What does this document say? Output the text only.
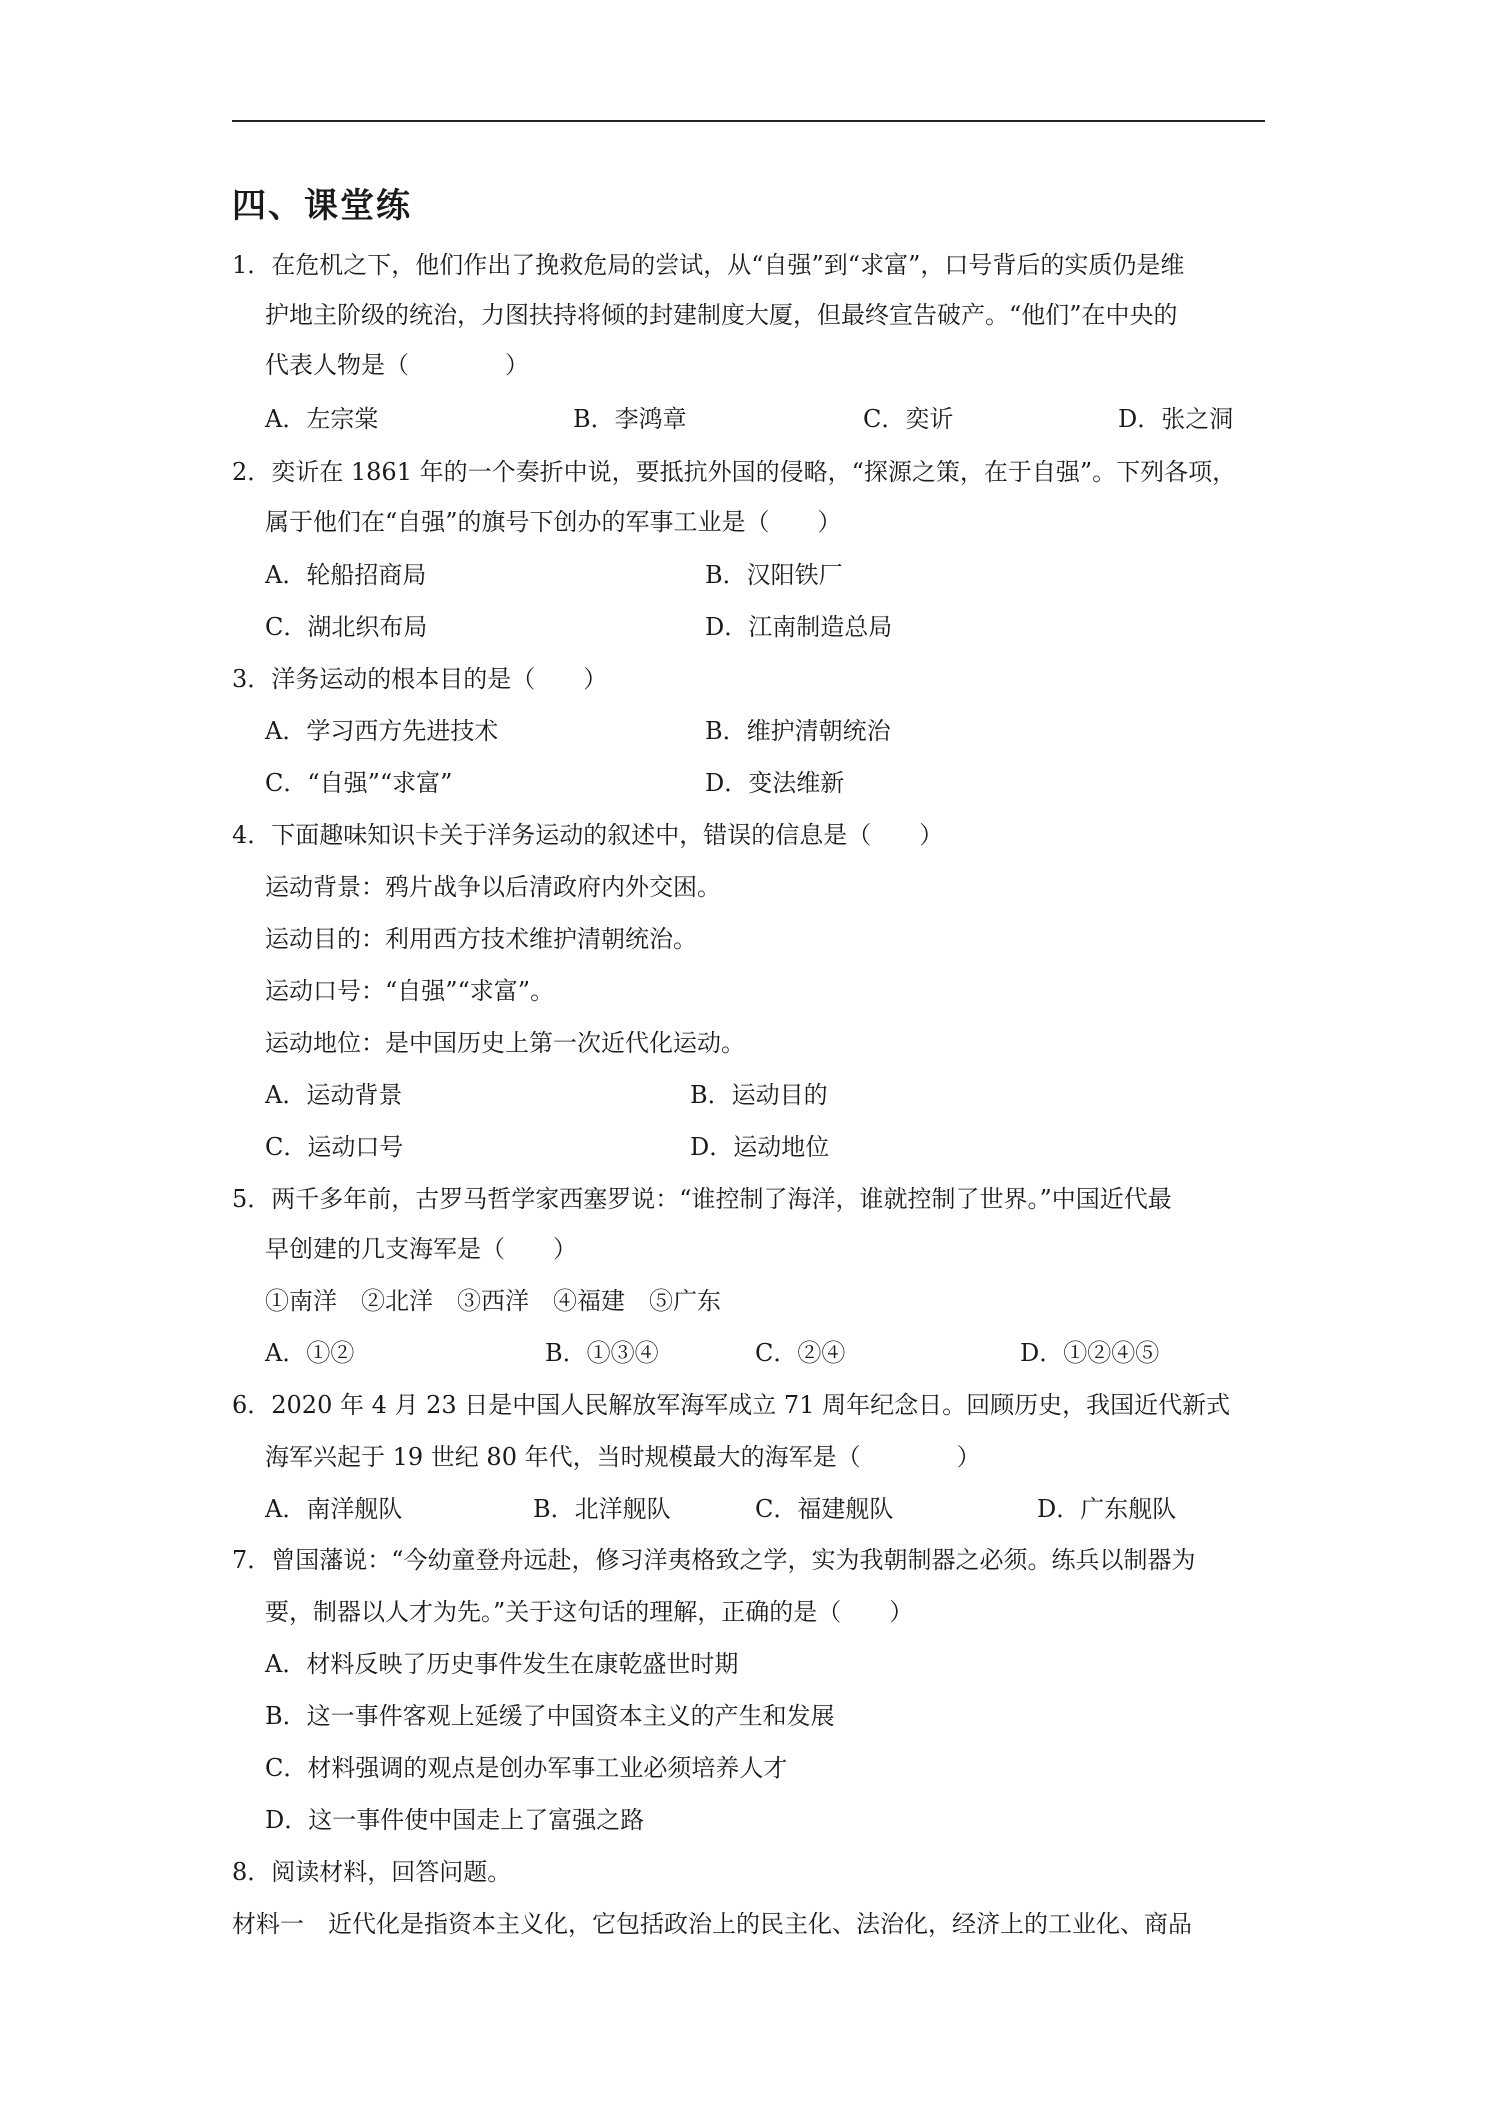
四、课堂练
1．在危机之下，他们作出了挽救危局的尝试，从“自强”到“求富”，口号背后的实质仍是维
护地主阶级的统治，力图扶持将倾的封建制度大厦，但最终宣告破产。“他们”在中央的
代表人物是（　　　　）
A．左宗棠	B．李鸿章	C．奕䜣	D．张之洞
2．奕䜣在 1861 年的一个奏折中说，要抵抗外国的侵略，“探源之策，在于自强”。下列各项，
属于他们在“自强”的旗号下创办的军事工业是（　　）
A．轮船招商局	B．汉阳铁厂
C．湖北织布局	D．江南制造总局
3．洋务运动的根本目的是（　　）
A．学习西方先进技术	B．维护清朝统治
C．“自强”“求富”	D．变法维新
4．下面趣味知识卡关于洋务运动的叙述中，错误的信息是（　　）
运动背景：鸦片战争以后清政府内外交困。
运动目的：利用西方技术维护清朝统治。
运动口号：“自强”“求富”。
运动地位：是中国历史上第一次近代化运动。
A．运动背景	B．运动目的
C．运动口号	D．运动地位
5．两千多年前，古罗马哲学家西塞罗说：“谁控制了海洋，谁就控制了世界。”中国近代最
早创建的几支海军是（　　）
①南洋　②北洋　③西洋　④福建　⑤广东
A．①②	B．①③④	C．②④	D．①②④⑤
6．2020 年 4 月 23 日是中国人民解放军海军成立 71 周年纪念日。回顾历史，我国近代新式
海军兴起于 19 世纪 80 年代，当时规模最大的海军是（　　　　）
A．南洋舰队	B．北洋舰队	C．福建舰队	D．广东舰队
7．曾国藩说：“今幼童登舟远赴，修习洋夷格致之学，实为我朝制器之必须。练兵以制器为
要，制器以人才为先。”关于这句话的理解，正确的是（　　）
A．材料反映了历史事件发生在康乾盛世时期
B．这一事件客观上延缓了中国资本主义的产生和发展
C．材料强调的观点是创办军事工业必须培养人才
D．这一事件使中国走上了富强之路
8．阅读材料，回答问题。
材料一　近代化是指资本主义化，它包括政治上的民主化、法治化，经济上的工业化、商品
